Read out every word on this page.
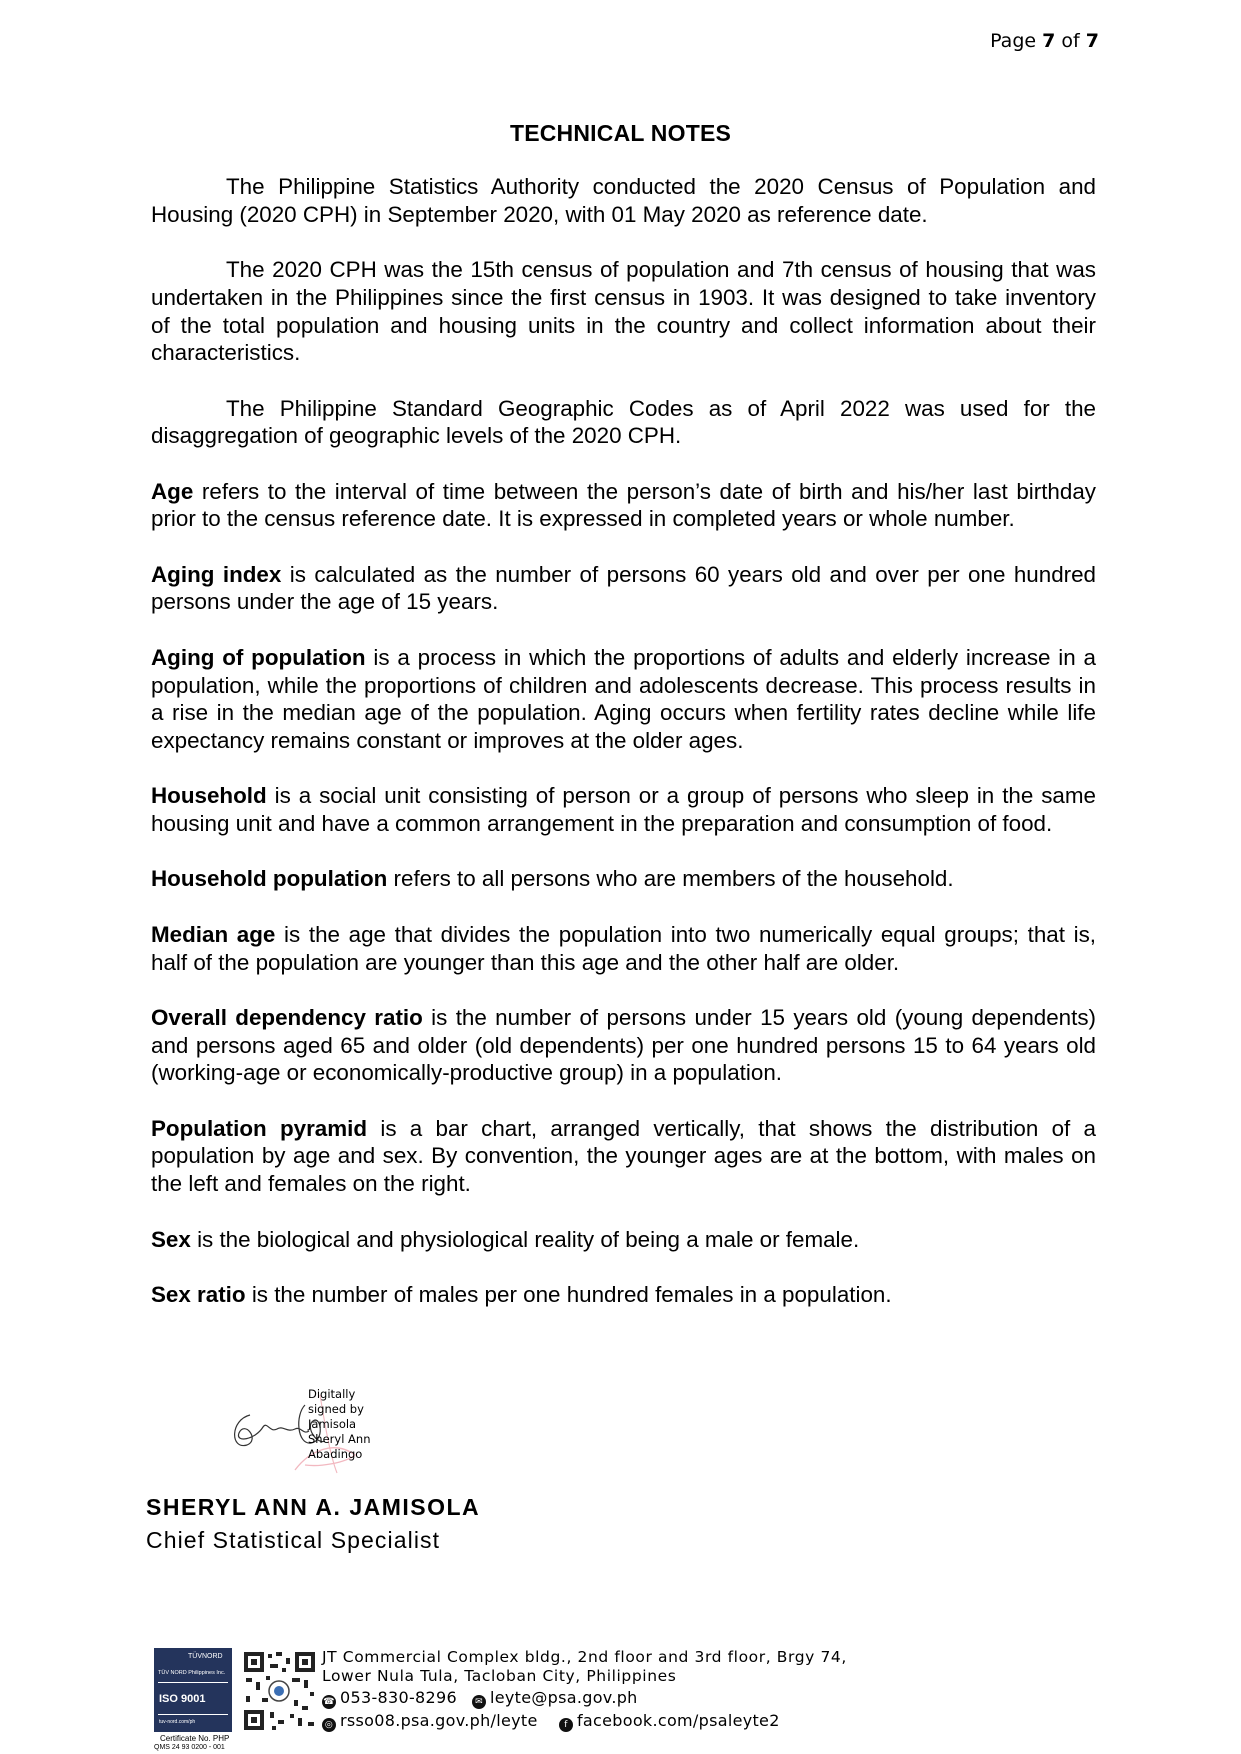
Page 7 of 7
TECHNICAL NOTES

The Philippine Statistics Authority conducted the 2020 Census of Population and Housing (2020 CPH) in September 2020, with 01 May 2020 as reference date.

The 2020 CPH was the 15th census of population and 7th census of housing that was undertaken in the Philippines since the first census in 1903. It was designed to take inventory of the total population and housing units in the country and collect information about their characteristics.

The Philippine Standard Geographic Codes as of April 2022 was used for the disaggregation of geographic levels of the 2020 CPH.

Age refers to the interval of time between the person’s date of birth and his/her last birthday prior to the census reference date. It is expressed in completed years or whole number.

Aging index is calculated as the number of persons 60 years old and over per one hundred persons under the age of 15 years.

Aging of population is a process in which the proportions of adults and elderly increase in a population, while the proportions of children and adolescents decrease. This process results in a rise in the median age of the population. Aging occurs when fertility rates decline while life expectancy remains constant or improves at the older ages.

Household is a social unit consisting of person or a group of persons who sleep in the same housing unit and have a common arrangement in the preparation and consumption of food.

Household population refers to all persons who are members of the household.

Median age is the age that divides the population into two numerically equal groups; that is, half of the population are younger than this age and the other half are older.

Overall dependency ratio is the number of persons under 15 years old (young dependents) and persons aged 65 and older (old dependents) per one hundred persons 15 to 64 years old (working-age or economically-productive group) in a population.

Population pyramid is a bar chart, arranged vertically, that shows the distribution of a population by age and sex. By convention, the younger ages are at the bottom, with males on the left and females on the right.

Sex is the biological and physiological reality of being a male or female.

Sex ratio is the number of males per one hundred females in a population.

Digitally
signed by
Jamisola
Sheryl Ann
Abadingo
SHERYL ANN A. JAMISOLA
Chief Statistical Specialist
TÜVNORD
TÜV NORD Philippines Inc.
ISO 9001
tuv-nord.com/ph
Certificate No. PHP
QMS 24 93 0200 - 001
JT Commercial Complex bldg., 2nd floor and 3rd floor, Brgy 74,
Lower Nula Tula, Tacloban City, Philippines
☎ 053-830-8296	✉ leyte@psa.gov.ph
◎ rsso08.psa.gov.ph/leyte	f facebook.com/psaleyte2
